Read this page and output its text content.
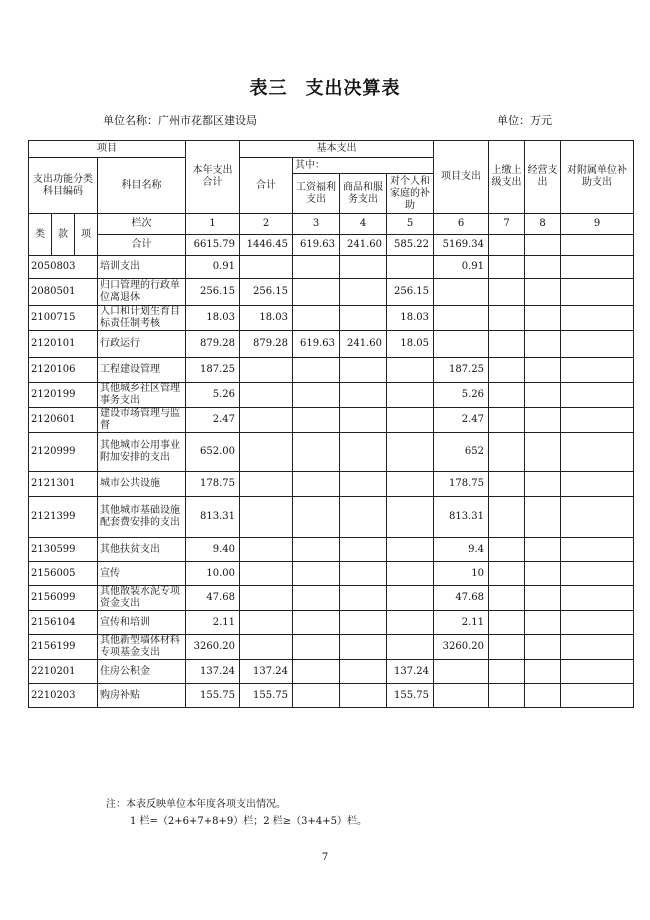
表三 支出决算表
单位名称：广州市花都区建设局	单位：万元
项目				本年支出合计	基本支出				项目支出	上缴上级支出	经营支出	对附属单位补助支出
支出功能分类科目编码			科目名称		合计	其中：						
						工资福利支出	商品和服务支出	对个人和家庭的补助				

类	款	项	栏次	1	2	3	4	5	6	7	8	9
			合计	6615.79	1446.45	619.63	241.60	585.22	5169.34			
2050803			培训支出	0.91					0.91			
2080501			归口管理的行政单位离退休	256.15	256.15			256.15				
2100715			人口和计划生育目标责任制考核	18.03	18.03			18.03				
2120101			行政运行	879.28	879.28	619.63	241.60	18.05				
2120106			工程建设管理	187.25					187.25			
2120199			其他城乡社区管理事务支出	5.26					5.26			
2120601			建设市场管理与监督	2.47					2.47			
2120999			其他城市公用事业附加安排的支出	652.00					652			
2121301			城市公共设施	178.75					178.75			
2121399			其他城市基础设施配套费安排的支出	813.31					813.31			
2130599			其他扶贫支出	9.40					9.4			
2156005			宣传	10.00					10			
2156099			其他散装水泥专项资金支出	47.68					47.68			
2156104			宣传和培训	2.11					2.11			
2156199			其他新型墙体材料专项基金支出	3260.20					3260.20			
2210201			住房公积金	137.24	137.24			137.24				
2210203			购房补贴	155.75	155.75			155.75				
注：本表反映单位本年度各项支出情况。
1 栏=（2+6+7+8+9）栏；2 栏≥（3+4+5）栏。
7
